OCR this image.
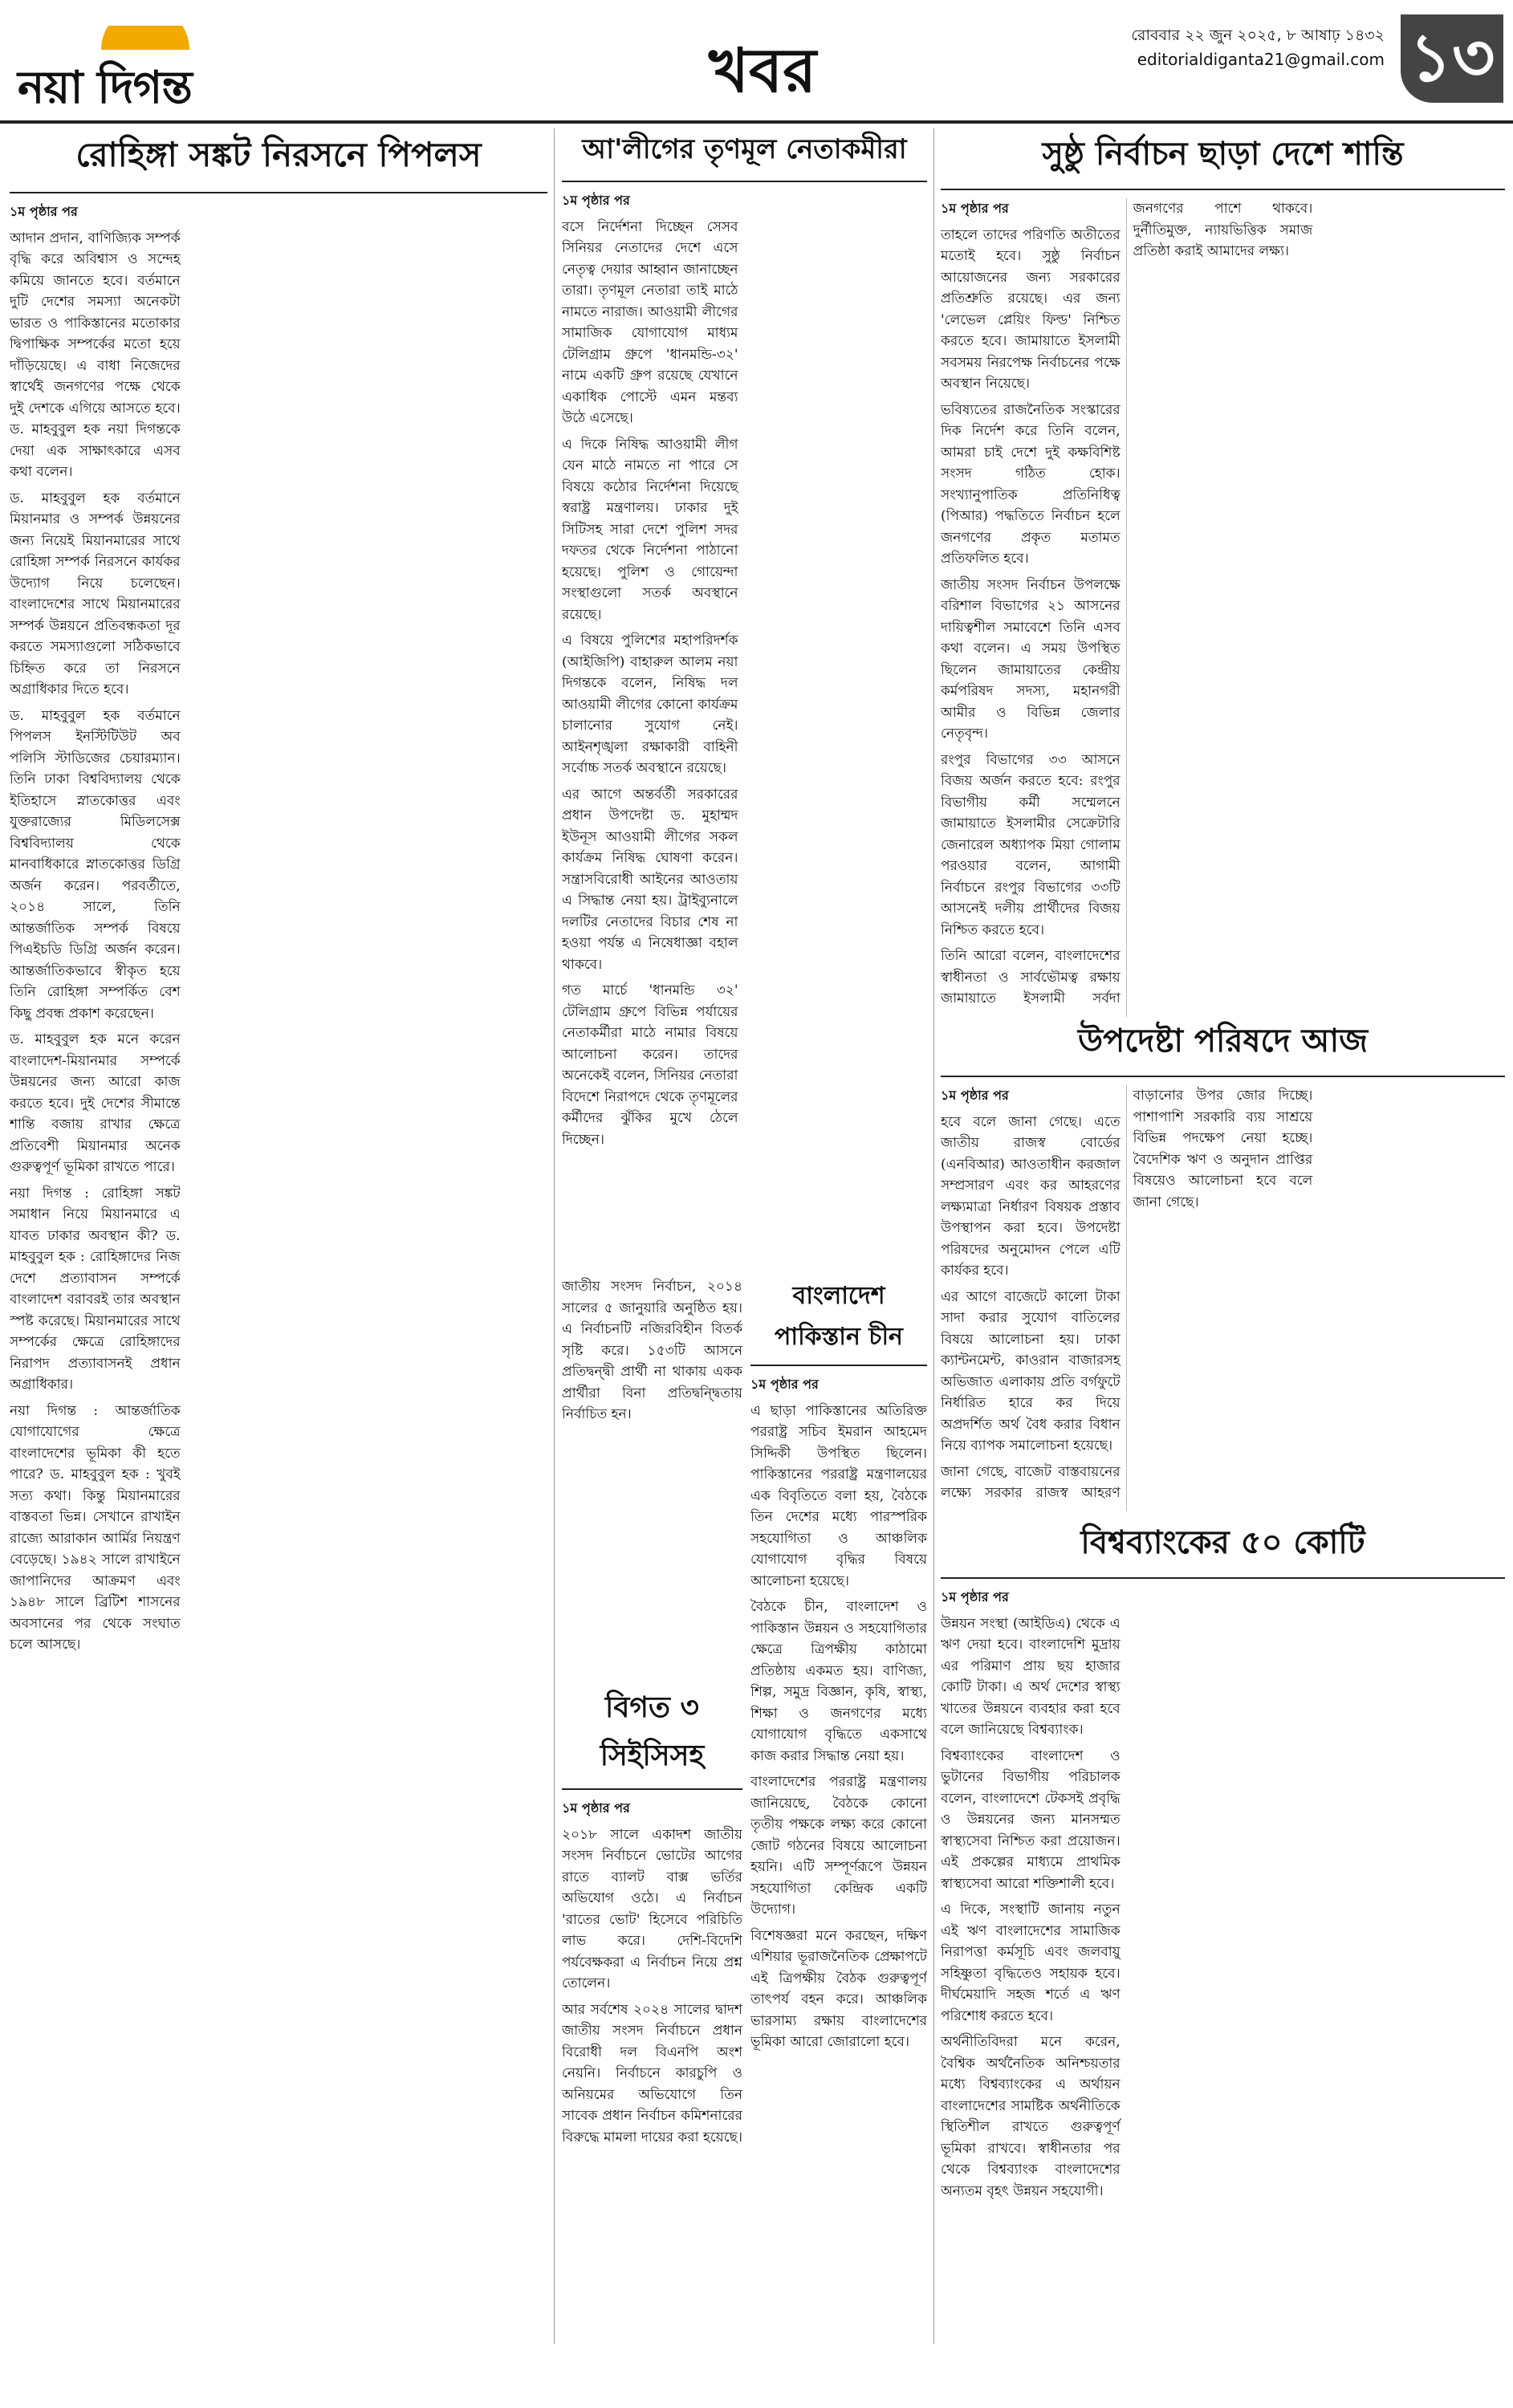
নয়া দিগন্ত	খবর	রোববার ২২ জুন ২০২৫, ৮ আষাঢ় ১৪৩২
editorialdiganta21@gmail.com ১৩
রোহিঙ্গা সঙ্কট নিরসনে পিপলস

১ম পৃষ্ঠার পর

আদান প্রদান, বাণিজ্যিক সম্পর্ক বৃদ্ধি করে অবিশ্বাস ও সন্দেহ কমিয়ে জানতে হবে। বর্তমানে দুটি দেশের সমস্যা অনেকটা ভারত ও পাকিস্তানের মতোকার দ্বিপাক্ষিক সম্পর্কের মতো হয়ে দাঁড়িয়েছে। এ বাধা নিজেদের স্বার্থেই জনগণের পক্ষে থেকে দুই দেশকে এগিয়ে আসতে হবে। ড. মাহবুবুল হক নয়া দিগন্তকে দেয়া এক সাক্ষাৎকারে এসব কথা বলেন।

ড. মাহবুবুল হক বর্তমানে মিয়ানমার ও সম্পর্ক উন্নয়নের জন্য নিয়েই মিয়ানমারের সাথে রোহিঙ্গা সম্পর্ক নিরসনে কার্যকর উদ্যোগ নিয়ে চলেছেন। বাংলাদেশের সাথে মিয়ানমারের সম্পর্ক উন্নয়নে প্রতিবন্ধকতা দূর করতে সমস্যাগুলো সঠিকভাবে চিহ্নিত করে তা নিরসনে অগ্রাধিকার দিতে হবে।

ড. মাহবুবুল হক বর্তমানে পিপলস ইনস্টিটিউট অব পলিসি স্টাডিজের চেয়ারম্যান। তিনি ঢাকা বিশ্ববিদ্যালয় থেকে ইতিহাসে স্নাতকোত্তর এবং যুক্তরাজ্যের মিডিলসেক্স বিশ্ববিদ্যালয় থেকে মানবাধিকারে স্নাতকোত্তর ডিগ্রি অর্জন করেন। পরবর্তীতে, ২০১৪ সালে, তিনি আন্তর্জাতিক সম্পর্ক বিষয়ে পিএইচডি ডিগ্রি অর্জন করেন। আন্তর্জাতিকভাবে স্বীকৃত হয়ে তিনি রোহিঙ্গা সম্পর্কিত বেশ কিছু প্রবন্ধ প্রকাশ করেছেন।

ড. মাহবুবুল হক মনে করেন বাংলাদেশ-মিয়ানমার সম্পর্কে উন্নয়নের জন্য আরো কাজ করতে হবে। দুই দেশের সীমান্তে শান্তি বজায় রাখার ক্ষেত্রে প্রতিবেশী মিয়ানমার অনেক গুরুত্বপূর্ণ ভূমিকা রাখতে পারে।

নয়া দিগন্ত : রোহিঙ্গা সঙ্কট সমাধান নিয়ে মিয়ানমারে এ যাবত ঢাকার অবস্থান কী? ড. মাহবুবুল হক : রোহিঙ্গাদের নিজ দেশে প্রত্যাবাসন সম্পর্কে বাংলাদেশ বরাবরই তার অবস্থান স্পষ্ট করেছে। মিয়ানমারের সাথে সম্পর্কের ক্ষেত্রে রোহিঙ্গাদের নিরাপদ প্রত্যাবাসনই প্রধান অগ্রাধিকার।

নয়া দিগন্ত : আন্তর্জাতিক যোগাযোগের ক্ষেত্রে বাংলাদেশের ভূমিকা কী হতে পারে? ড. মাহবুবুল হক : খুবই সত্য কথা। কিন্তু মিয়ানমারের বাস্তবতা ভিন্ন। সেখানে রাখাইন রাজ্যে আরাকান আর্মির নিয়ন্ত্রণ বেড়েছে। ১৯৪২ সালে রাখাইনে জাপানিদের আক্রমণ এবং ১৯৪৮ সালে ব্রিটিশ শাসনের অবসানের পর থেকে সংঘাত চলে আসছে।

আ'লীগের তৃণমূল নেতাকমীরা

১ম পৃষ্ঠার পর

বসে নির্দেশনা দিচ্ছেন সেসব সিনিয়র নেতাদের দেশে এসে নেতৃত্ব দেয়ার আহ্বান জানাচ্ছেন তারা। তৃণমূল নেতারা তাই মাঠে নামতে নারাজ। আওয়ামী লীগের সামাজিক যোগাযোগ মাধ্যম টেলিগ্রাম গ্রুপে 'ধানমন্ডি-৩২' নামে একটি গ্রুপ রয়েছে যেখানে একাধিক পোস্টে এমন মন্তব্য উঠে এসেছে।

এ দিকে নিষিদ্ধ আওয়ামী লীগ যেন মাঠে নামতে না পারে সে বিষয়ে কঠোর নির্দেশনা দিয়েছে স্বরাষ্ট্র মন্ত্রণালয়। ঢাকার দুই সিটিসহ সারা দেশে পুলিশ সদর দফতর থেকে নির্দেশনা পাঠানো হয়েছে। পুলিশ ও গোয়েন্দা সংস্থাগুলো সতর্ক অবস্থানে রয়েছে।

এ বিষয়ে পুলিশের মহাপরিদর্শক (আইজিপি) বাহারুল আলম নয়া দিগন্তকে বলেন, নিষিদ্ধ দল আওয়ামী লীগের কোনো কার্যক্রম চালানোর সুযোগ নেই। আইনশৃঙ্খলা রক্ষাকারী বাহিনী সর্বোচ্চ সতর্ক অবস্থানে রয়েছে।

এর আগে অন্তর্বর্তী সরকারের প্রধান উপদেষ্টা ড. মুহাম্মদ ইউনূস আওয়ামী লীগের সকল কার্যক্রম নিষিদ্ধ ঘোষণা করেন। সন্ত্রাসবিরোধী আইনের আওতায় এ সিদ্ধান্ত নেয়া হয়। ট্রাইব্যুনালে দলটির নেতাদের বিচার শেষ না হওয়া পর্যন্ত এ নিষেধাজ্ঞা বহাল থাকবে।

গত মার্চে 'ধানমন্ডি ৩২' টেলিগ্রাম গ্রুপে বিভিন্ন পর্যায়ের নেতাকর্মীরা মাঠে নামার বিষয়ে আলোচনা করেন। তাদের অনেকেই বলেন, সিনিয়র নেতারা বিদেশে নিরাপদে থেকে তৃণমূলের কর্মীদের ঝুঁকির মুখে ঠেলে দিচ্ছেন।

জাতীয় সংসদ নির্বাচন, ২০১৪ সালের ৫ জানুয়ারি অনুষ্ঠিত হয়। এ নির্বাচনটি নজিরবিহীন বিতর্ক সৃষ্টি করে। ১৫৩টি আসনে প্রতিদ্বন্দ্বী প্রার্থী না থাকায় একক প্রার্থীরা বিনা প্রতিদ্বন্দ্বিতায় নির্বাচিত হন।

বিগত ৩ সিইসিসহ

১ম পৃষ্ঠার পর

২০১৮ সালে একাদশ জাতীয় সংসদ নির্বাচনে ভোটের আগের রাতে ব্যালট বাক্স ভর্তির অভিযোগ ওঠে। এ নির্বাচন 'রাতের ভোট' হিসেবে পরিচিতি লাভ করে। দেশি-বিদেশি পর্যবেক্ষকরা এ নির্বাচন নিয়ে প্রশ্ন তোলেন।

আর সর্বশেষ ২০২৪ সালের দ্বাদশ জাতীয় সংসদ নির্বাচনে প্রধান বিরোধী দল বিএনপি অংশ নেয়নি। নির্বাচনে কারচুপি ও অনিয়মের অভিযোগে তিন সাবেক প্রধান নির্বাচন কমিশনারের বিরুদ্ধে মামলা দায়ের করা হয়েছে।

বাংলাদেশ পাকিস্তান চীন

১ম পৃষ্ঠার পর

এ ছাড়া পাকিস্তানের অতিরিক্ত পররাষ্ট্র সচিব ইমরান আহমেদ সিদ্দিকী উপস্থিত ছিলেন। পাকিস্তানের পররাষ্ট্র মন্ত্রণালয়ের এক বিবৃতিতে বলা হয়, বৈঠকে তিন দেশের মধ্যে পারস্পরিক সহযোগিতা ও আঞ্চলিক যোগাযোগ বৃদ্ধির বিষয়ে আলোচনা হয়েছে।

বৈঠকে চীন, বাংলাদেশ ও পাকিস্তান উন্নয়ন ও সহযোগিতার ক্ষেত্রে ত্রিপক্ষীয় কাঠামো প্রতিষ্ঠায় একমত হয়। বাণিজ্য, শিল্প, সমুদ্র বিজ্ঞান, কৃষি, স্বাস্থ্য, শিক্ষা ও জনগণের মধ্যে যোগাযোগ বৃদ্ধিতে একসাথে কাজ করার সিদ্ধান্ত নেয়া হয়।

বাংলাদেশের পররাষ্ট্র মন্ত্রণালয় জানিয়েছে, বৈঠকে কোনো তৃতীয় পক্ষকে লক্ষ্য করে কোনো জোট গঠনের বিষয়ে আলোচনা হয়নি। এটি সম্পূর্ণরূপে উন্নয়ন সহযোগিতা কেন্দ্রিক একটি উদ্যোগ।

বিশেষজ্ঞরা মনে করছেন, দক্ষিণ এশিয়ার ভূরাজনৈতিক প্রেক্ষাপটে এই ত্রিপক্ষীয় বৈঠক গুরুত্বপূর্ণ তাৎপর্য বহন করে। আঞ্চলিক ভারসাম্য রক্ষায় বাংলাদেশের ভূমিকা আরো জোরালো হবে।

সুষ্ঠু নির্বাচন ছাড়া দেশে শান্তি

১ম পৃষ্ঠার পর

তাহলে তাদের পরিণতি অতীতের মতোই হবে। সুষ্ঠু নির্বাচন আয়োজনের জন্য সরকারের প্রতিশ্রুতি রয়েছে। এর জন্য 'লেভেল প্লেয়িং ফিল্ড' নিশ্চিত করতে হবে। জামায়াতে ইসলামী সবসময় নিরপেক্ষ নির্বাচনের পক্ষে অবস্থান নিয়েছে।

ভবিষ্যতের রাজনৈতিক সংস্কারের দিক নির্দেশ করে তিনি বলেন, আমরা চাই দেশে দুই কক্ষবিশিষ্ট সংসদ গঠিত হোক। সংখ্যানুপাতিক প্রতিনিধিত্ব (পিআর) পদ্ধতিতে নির্বাচন হলে জনগণের প্রকৃত মতামত প্রতিফলিত হবে।

জাতীয় সংসদ নির্বাচন উপলক্ষে বরিশাল বিভাগের ২১ আসনের দায়িত্বশীল সমাবেশে তিনি এসব কথা বলেন। এ সময় উপস্থিত ছিলেন জামায়াতের কেন্দ্রীয় কর্মপরিষদ সদস্য, মহানগরী আমীর ও বিভিন্ন জেলার নেতৃবৃন্দ।

রংপুর বিভাগের ৩৩ আসনে বিজয় অর্জন করতে হবে: রংপুর বিভাগীয় কর্মী সম্মেলনে জামায়াতে ইসলামীর সেক্রেটারি জেনারেল অধ্যাপক মিয়া গোলাম পরওয়ার বলেন, আগামী নির্বাচনে রংপুর বিভাগের ৩৩টি আসনেই দলীয় প্রার্থীদের বিজয় নিশ্চিত করতে হবে।

তিনি আরো বলেন, বাংলাদেশের স্বাধীনতা ও সার্বভৌমত্ব রক্ষায় জামায়াতে ইসলামী সর্বদা জনগণের পাশে থাকবে। দুর্নীতিমুক্ত, ন্যায়ভিত্তিক সমাজ প্রতিষ্ঠা করাই আমাদের লক্ষ্য।

উপদেষ্টা পরিষদে আজ

১ম পৃষ্ঠার পর

হবে বলে জানা গেছে। এতে জাতীয় রাজস্ব বোর্ডের (এনবিআর) আওতাধীন করজাল সম্প্রসারণ এবং কর আহরণের লক্ষ্যমাত্রা নির্ধারণ বিষয়ক প্রস্তাব উপস্থাপন করা হবে। উপদেষ্টা পরিষদের অনুমোদন পেলে এটি কার্যকর হবে।

এর আগে বাজেটে কালো টাকা সাদা করার সুযোগ বাতিলের বিষয়ে আলোচনা হয়। ঢাকা ক্যান্টনমেন্ট, কাওরান বাজারসহ অভিজাত এলাকায় প্রতি বর্গফুটে নির্ধারিত হারে কর দিয়ে অপ্রদর্শিত অর্থ বৈধ করার বিধান নিয়ে ব্যাপক সমালোচনা হয়েছে।

জানা গেছে, বাজেট বাস্তবায়নের লক্ষ্যে সরকার রাজস্ব আহরণ বাড়ানোর উপর জোর দিচ্ছে। পাশাপাশি সরকারি ব্যয় সাশ্রয়ে বিভিন্ন পদক্ষেপ নেয়া হচ্ছে। বৈদেশিক ঋণ ও অনুদান প্রাপ্তির বিষয়েও আলোচনা হবে বলে জানা গেছে।

বিশ্বব্যাংকের ৫০ কোটি

১ম পৃষ্ঠার পর

উন্নয়ন সংস্থা (আইডিএ) থেকে এ ঋণ দেয়া হবে। বাংলাদেশি মুদ্রায় এর পরিমাণ প্রায় ছয় হাজার কোটি টাকা। এ অর্থ দেশের স্বাস্থ্য খাতের উন্নয়নে ব্যবহার করা হবে বলে জানিয়েছে বিশ্বব্যাংক।

বিশ্বব্যাংকের বাংলাদেশ ও ভুটানের বিভাগীয় পরিচালক বলেন, বাংলাদেশে টেকসই প্রবৃদ্ধি ও উন্নয়নের জন্য মানসম্মত স্বাস্থ্যসেবা নিশ্চিত করা প্রয়োজন। এই প্রকল্পের মাধ্যমে প্রাথমিক স্বাস্থ্যসেবা আরো শক্তিশালী হবে।

এ দিকে, সংস্থাটি জানায় নতুন এই ঋণ বাংলাদেশের সামাজিক নিরাপত্তা কর্মসূচি এবং জলবায়ু সহিষ্ণুতা বৃদ্ধিতেও সহায়ক হবে। দীর্ঘমেয়াদি সহজ শর্তে এ ঋণ পরিশোধ করতে হবে।

অর্থনীতিবিদরা মনে করেন, বৈশ্বিক অর্থনৈতিক অনিশ্চয়তার মধ্যে বিশ্বব্যাংকের এ অর্থায়ন বাংলাদেশের সামষ্টিক অর্থনীতিকে স্থিতিশীল রাখতে গুরুত্বপূর্ণ ভূমিকা রাখবে। স্বাধীনতার পর থেকে বিশ্বব্যাংক বাংলাদেশের অন্যতম বৃহৎ উন্নয়ন সহযোগী।
